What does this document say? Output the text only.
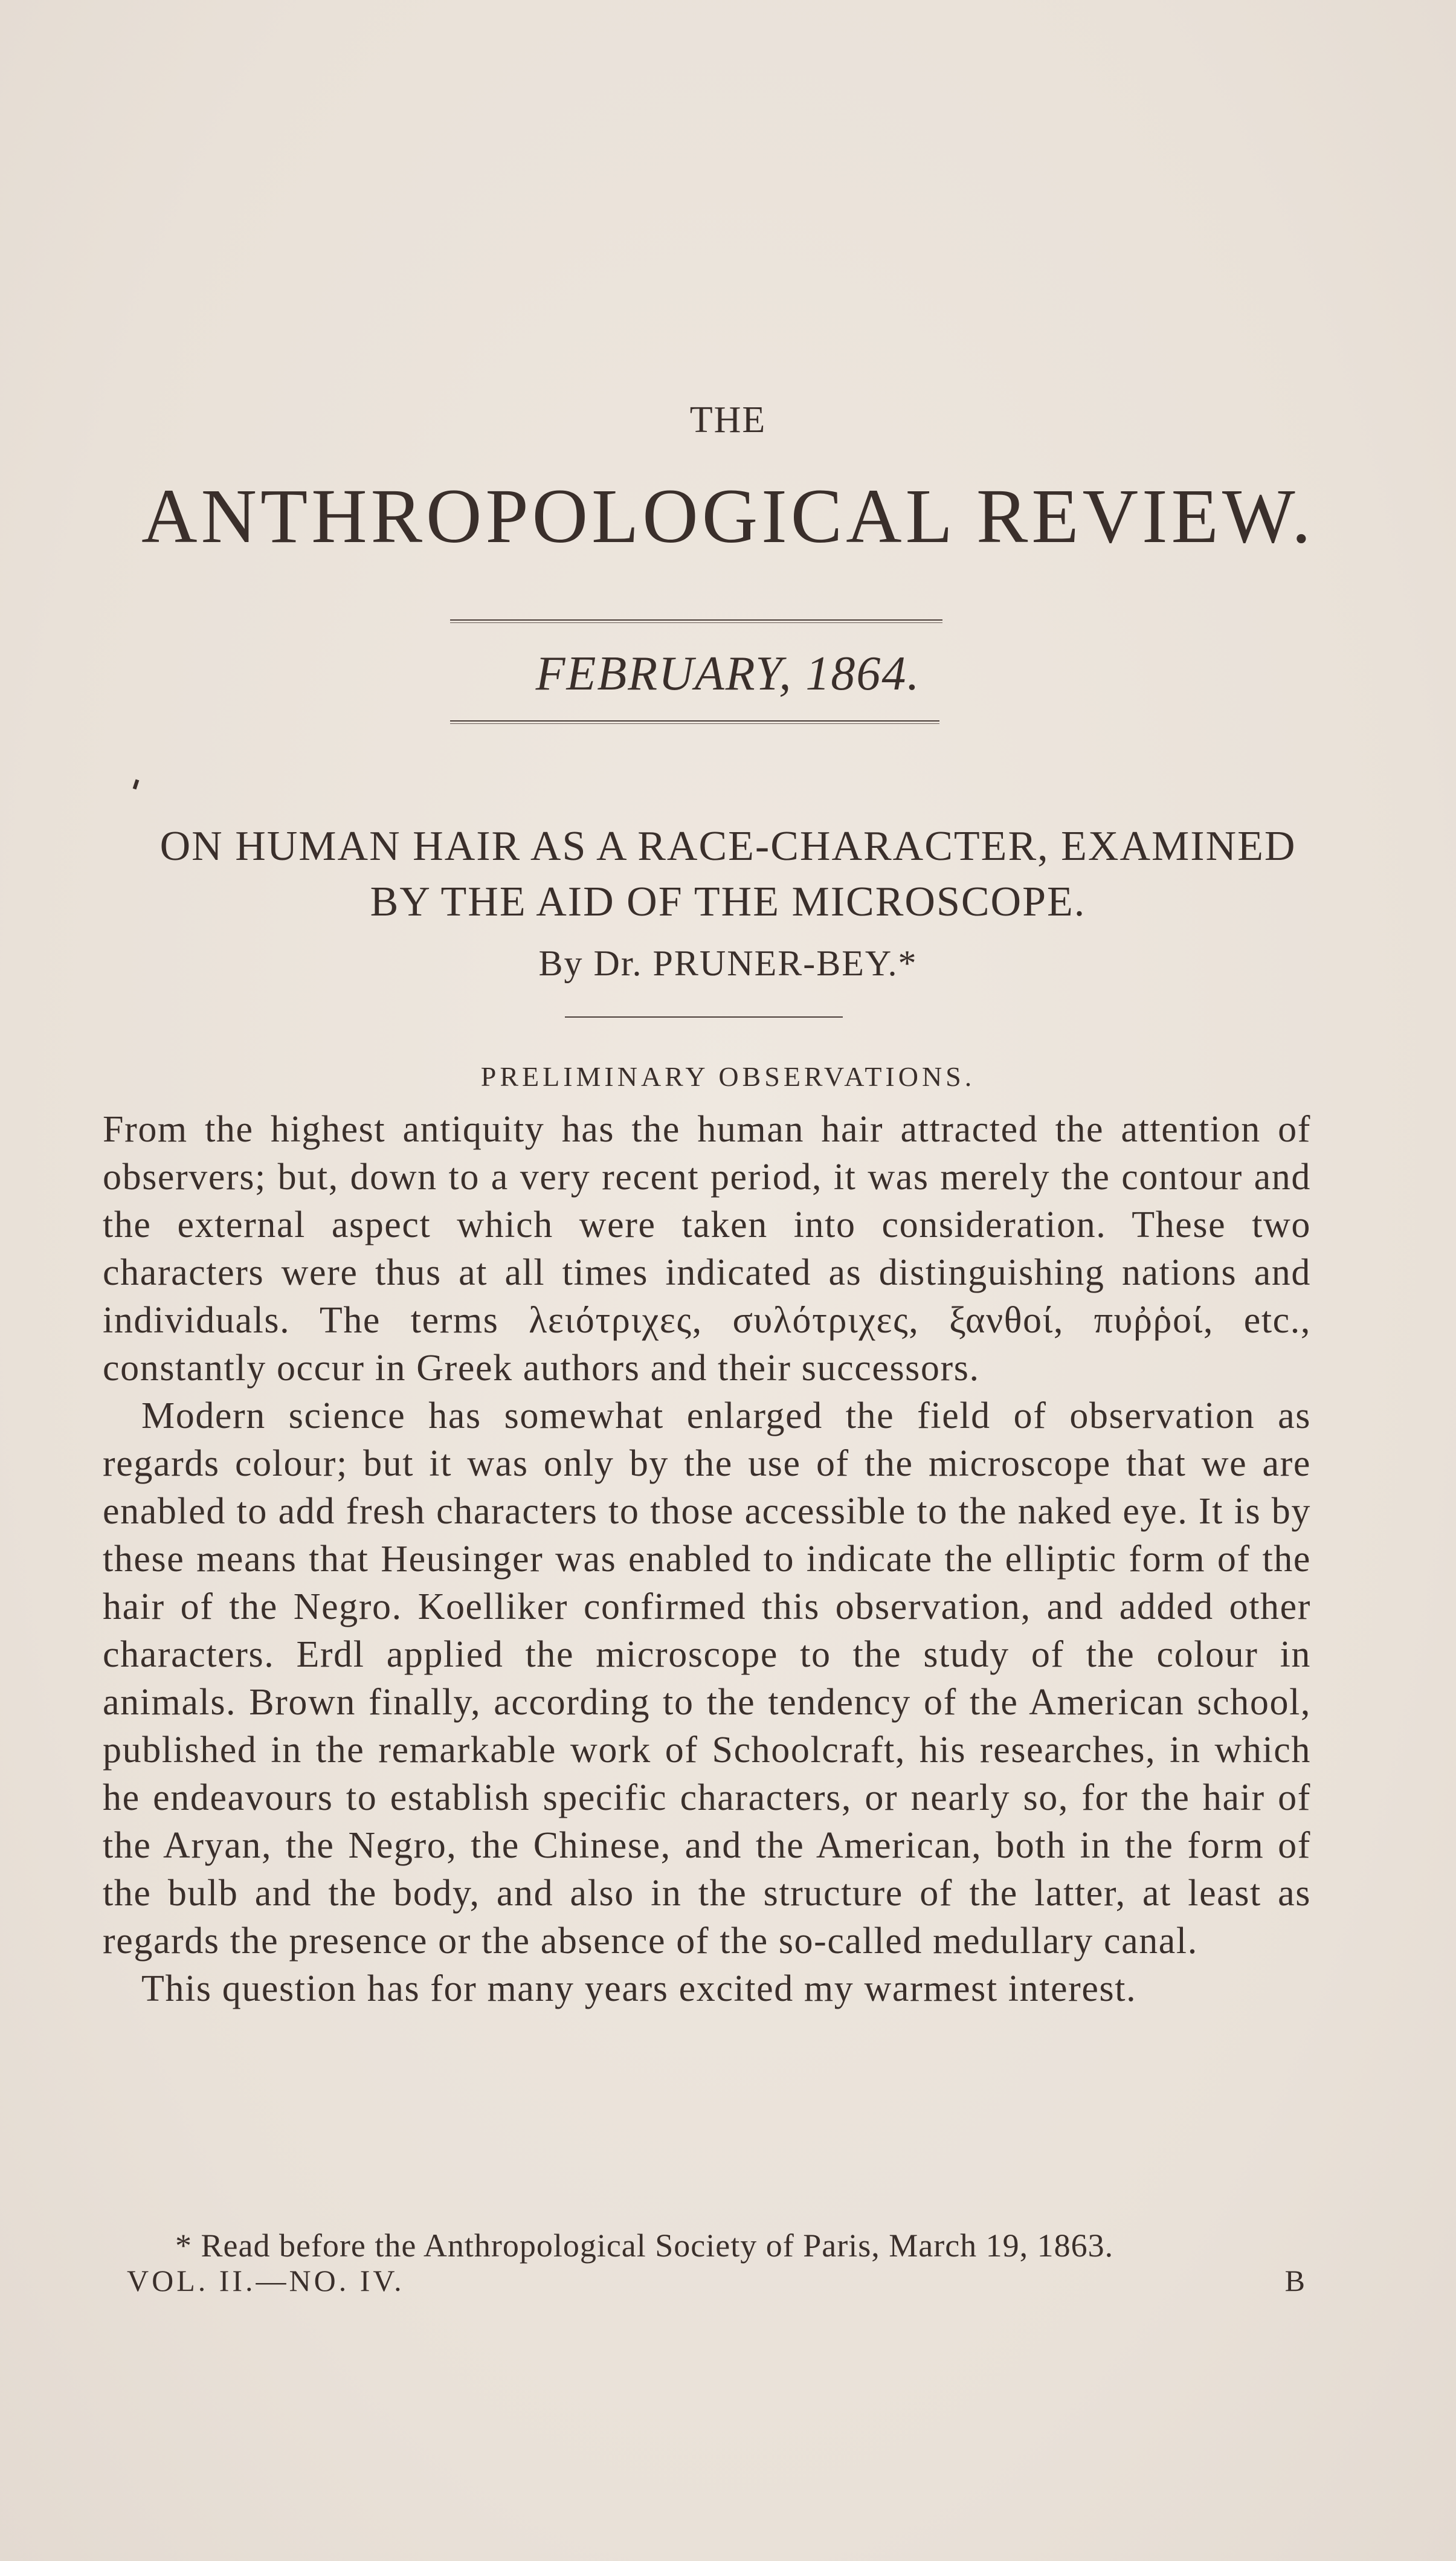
THE
ANTHROPOLOGICAL REVIEW.
FEBRUARY, 1864.
ON HUMAN HAIR AS A RACE-CHARACTER, EXAMINED
BY THE AID OF THE MICROSCOPE.
By Dr. PRUNER-BEY.*
PRELIMINARY OBSERVATIONS.

From the highest antiquity has the human hair attracted the attention of observers; but, down to a very recent period, it was merely the contour and the external aspect which were taken into consideration. These two characters were thus at all times indicated as distinguishing nations and individuals. The terms λειότριχες, συλότριχες, ξανθοί, πυῤῥοί, etc., constantly occur in Greek authors and their successors.

Modern science has somewhat enlarged the field of observation as regards colour; but it was only by the use of the microscope that we are enabled to add fresh characters to those accessible to the naked eye. It is by these means that Heusinger was enabled to indicate the elliptic form of the hair of the Negro. Koelliker confirmed this observation, and added other characters. Erdl applied the microscope to the study of the colour in animals. Brown finally, according to the tendency of the American school, published in the remarkable work of Schoolcraft, his researches, in which he endeavours to establish specific characters, or nearly so, for the hair of the Aryan, the Negro, the Chinese, and the American, both in the form of the bulb and the body, and also in the structure of the latter, at least as regards the presence or the absence of the so-called medullary canal.

This question has for many years excited my warmest interest.

* Read before the Anthropological Society of Paris, March 19, 1863.
VOL. II.—NO. IV.	B
